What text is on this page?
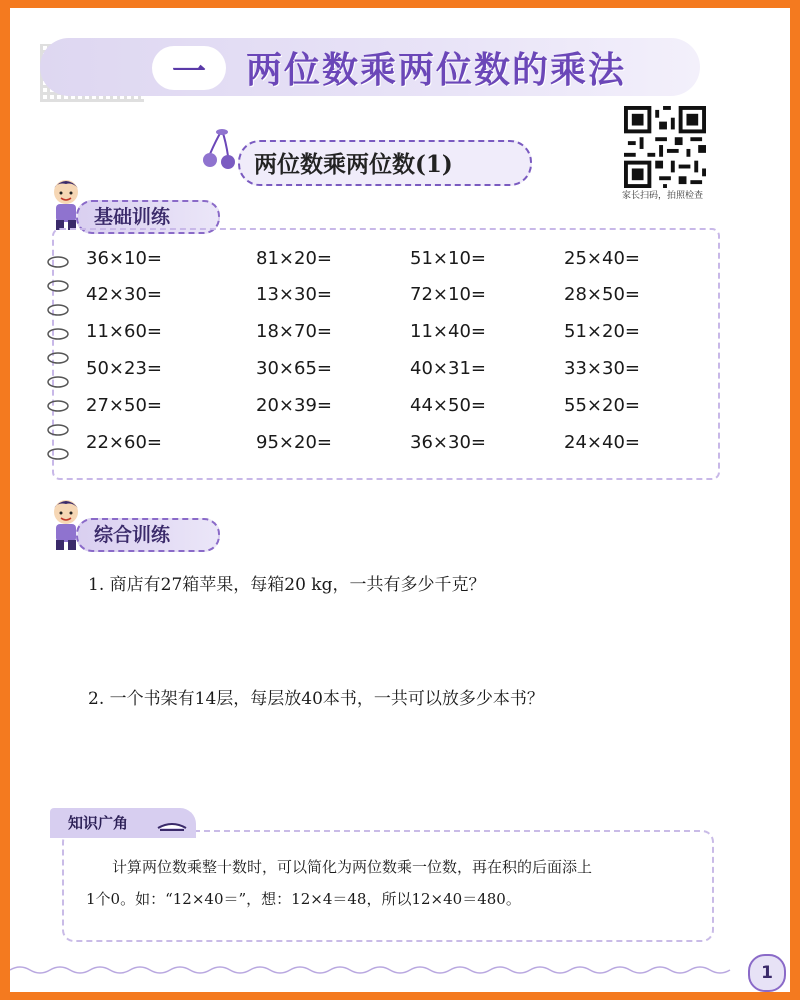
一	两位数乘两位数的乘法
两位数乘两位数(1)
家长扫码，拍照检查
基础训练
36×10=
42×30=
11×60=
50×23=
27×50=
22×60=
81×20=
13×30=
18×70=
30×65=
20×39=
95×20=
51×10=
72×10=
11×40=
40×31=
44×50=
36×30=
25×40=
28×50=
51×20=
33×30=
55×20=
24×40=
综合训练
1. 商店有27箱苹果，每箱20 kg，一共有多少千克？
2. 一个书架有14层，每层放40本书，一共可以放多少本书？
知识广角
计算两位数乘整十数时，可以简化为两位数乘一位数，再在积的后面添上
1个0。如：“12×40＝”，想：12×4＝48，所以12×40＝480。
1
